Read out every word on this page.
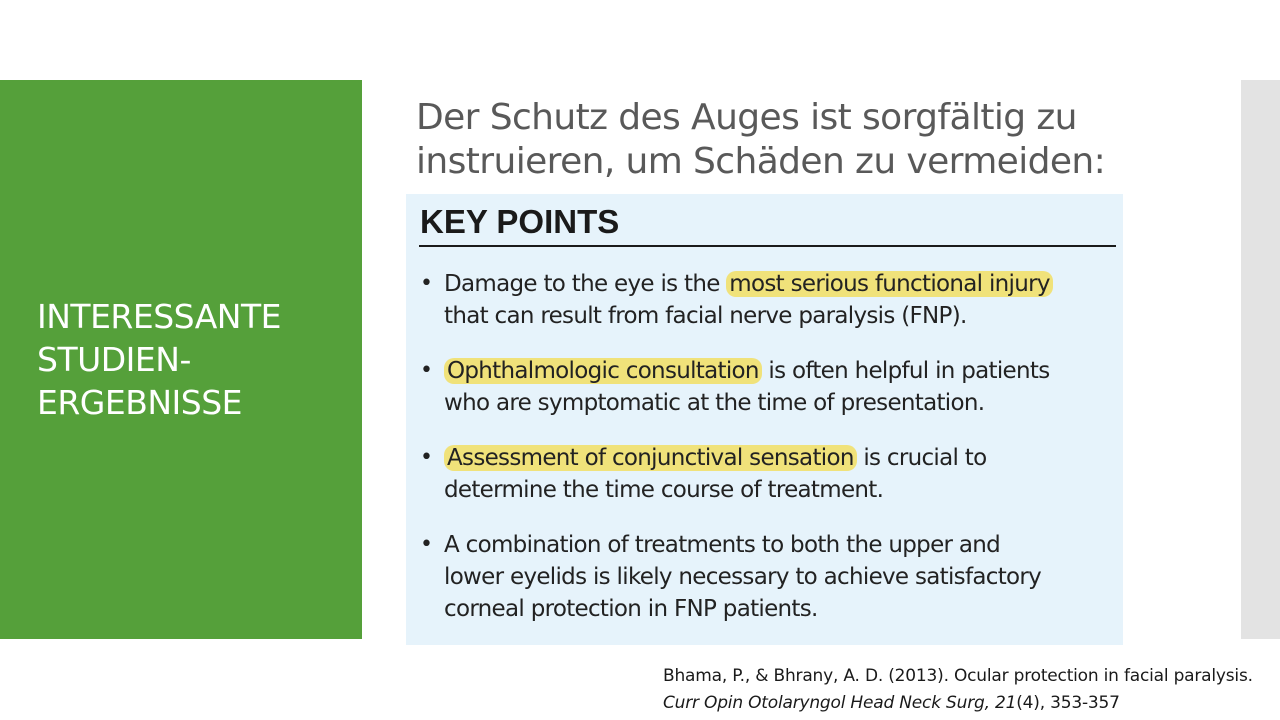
INTERESSANTE
STUDIEN-
ERGEBNISSE
Der Schutz des Auges ist sorgfältig zu
instruieren, um Schäden zu vermeiden:
KEY POINTS
• Damage to the eye is the most serious functional injury
that can result from facial nerve paralysis (FNP).
• Ophthalmologic consultation is often helpful in patients
who are symptomatic at the time of presentation.
• Assessment of conjunctival sensation is crucial to
determine the time course of treatment.
• A combination of treatments to both the upper and
lower eyelids is likely necessary to achieve satisfactory
corneal protection in FNP patients.
Bhama, P., & Bhrany, A. D. (2013). Ocular protection in facial paralysis.
Curr Opin Otolaryngol Head Neck Surg, 21(4), 353-357
